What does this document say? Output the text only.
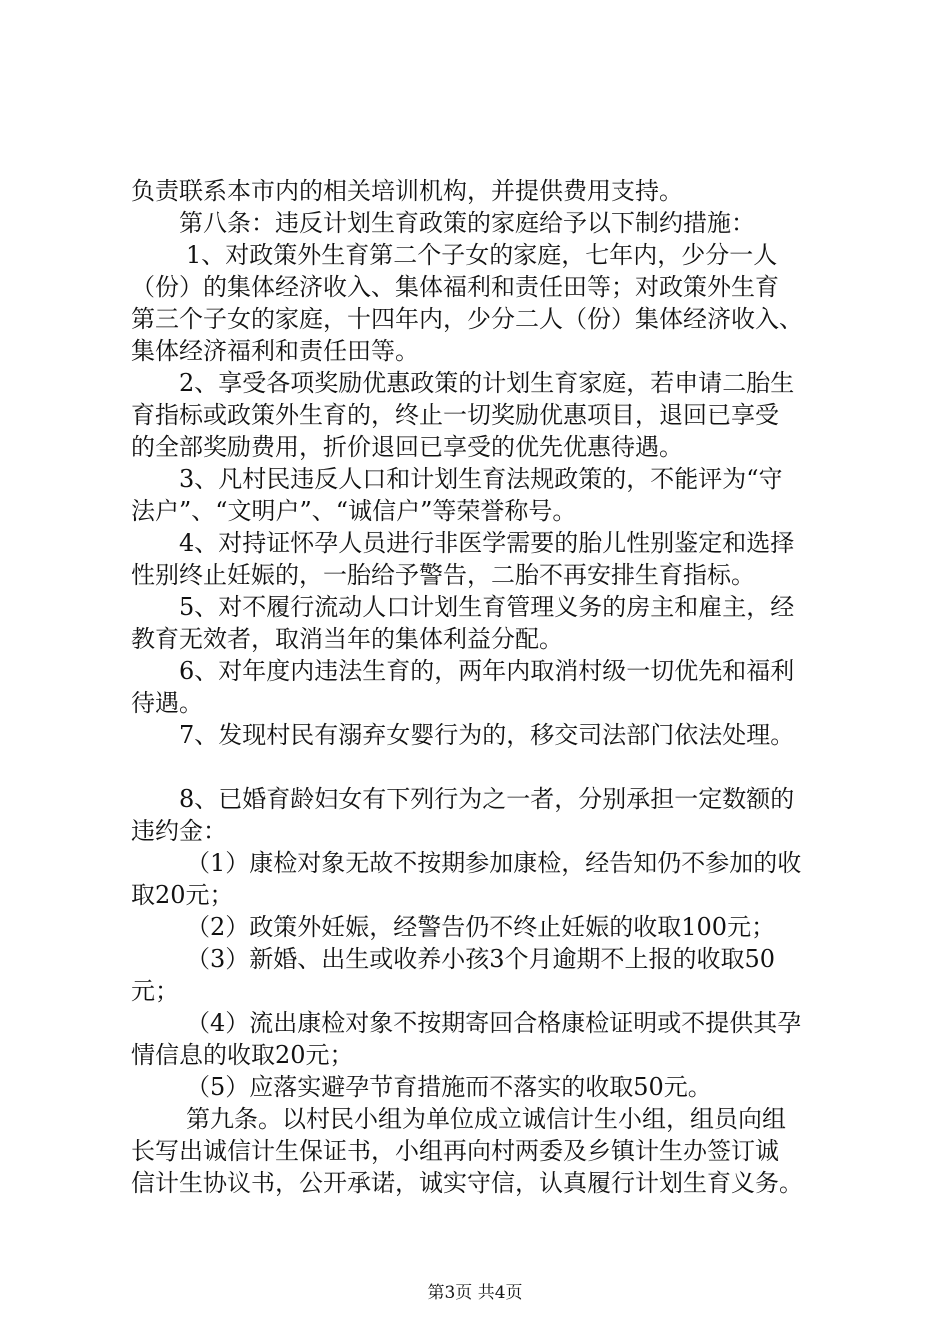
负责联系本市内的相关培训机构，并提供费用支持。
第八条：违反计划生育政策的家庭给予以下制约措施：
1、对政策外生育第二个子女的家庭，七年内，少分一人
（份）的集体经济收入、集体福利和责任田等；对政策外生育
第三个子女的家庭，十四年内，少分二人（份）集体经济收入、
集体经济福利和责任田等。
2、享受各项奖励优惠政策的计划生育家庭，若申请二胎生
育指标或政策外生育的，终止一切奖励优惠项目，退回已享受
的全部奖励费用，折价退回已享受的优先优惠待遇。
3、凡村民违反人口和计划生育法规政策的，不能评为“守
法户”、“文明户”、“诚信户”等荣誉称号。
4、对持证怀孕人员进行非医学需要的胎儿性别鉴定和选择
性别终止妊娠的，一胎给予警告，二胎不再安排生育指标。
5、对不履行流动人口计划生育管理义务的房主和雇主，经
教育无效者，取消当年的集体利益分配。
6、对年度内违法生育的，两年内取消村级一切优先和福利
待遇。
7、发现村民有溺弃女婴行为的，移交司法部门依法处理。
8、已婚育龄妇女有下列行为之一者，分别承担一定数额的
违约金：
（1）康检对象无故不按期参加康检，经告知仍不参加的收
取20元；
（2）政策外妊娠，经警告仍不终止妊娠的收取100元；
（3）新婚、出生或收养小孩3个月逾期不上报的收取50
元；
（4）流出康检对象不按期寄回合格康检证明或不提供其孕
情信息的收取20元；
（5）应落实避孕节育措施而不落实的收取50元。
第九条。以村民小组为单位成立诚信计生小组，组员向组
长写出诚信计生保证书，小组再向村两委及乡镇计生办签订诚
信计生协议书，公开承诺，诚实守信，认真履行计划生育义务。
第3页 共4页
